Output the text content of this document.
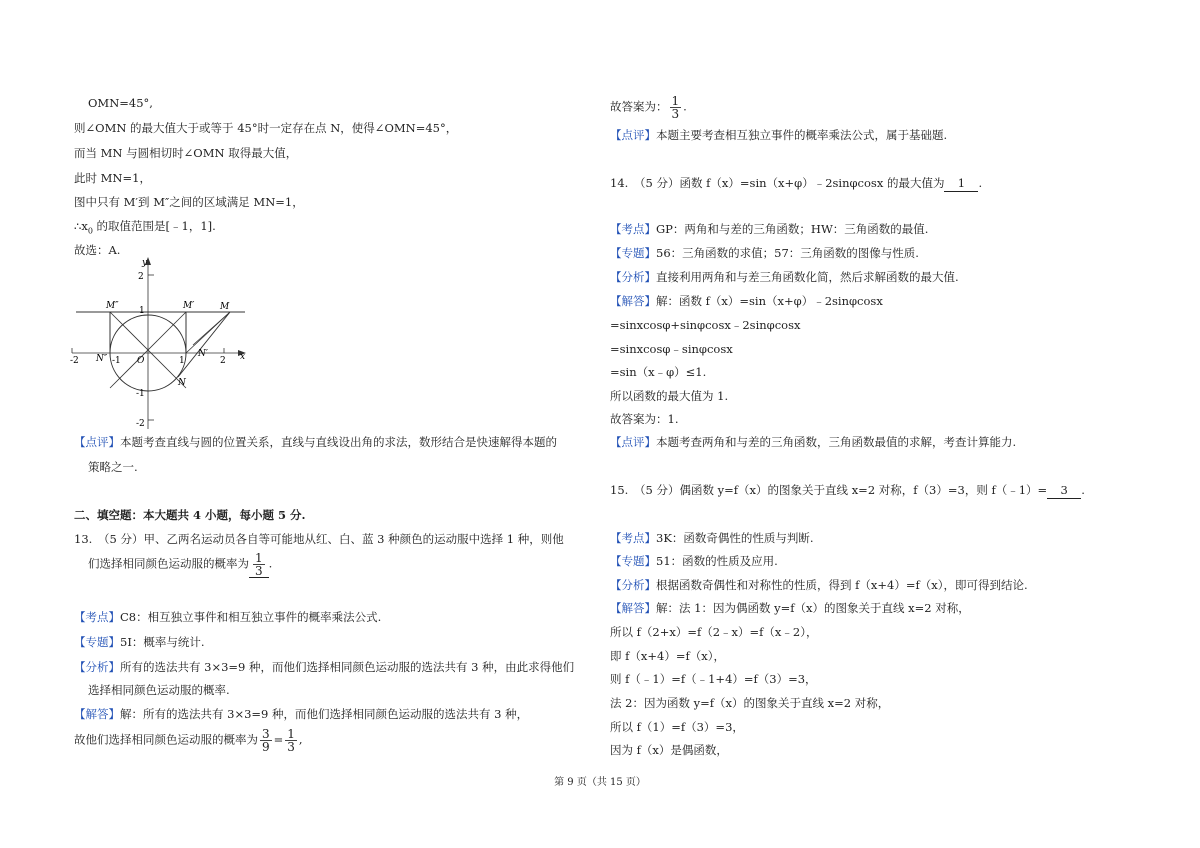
OMN=45°,
则∠OMN 的最大值大于或等于 45°时一定存在点 N，使得∠OMN=45°，
而当 MN 与圆相切时∠OMN 取得最大值，
此时 MN=1，
图中只有 M′到 M″之间的区域满足 MN=1，
$\therefore x_0$ 的取值范围是[﹣1，1].
故选：A.
y
x
2
1
-1
-2
-2	-1 O	1	2
M″	M′	M
N″	N′
N
【点评】本题考查直线与圆的位置关系，直线与直线设出角的求法，数形结合是快速解得本题的
策略之一.
二、填空题：本大题共 4 小题，每小题 5 分.
13.　（5 分）甲、乙两名运动员各自等可能地从红、白、蓝 3 种颜色的运动服中选择 1 种，则他
们选择相同颜色运动服的概率为 $\frac{1}{3}$ .
【考点】C8：相互独立事件和相互独立事件的概率乘法公式.
【专题】5I：概率与统计.
【分析】所有的选法共有 3×3=9 种，而他们选择相同颜色运动服的选法共有 3 种，由此求得他们
选择相同颜色运动服的概率.
【解答】解：所有的选法共有 3×3=9 种，而他们选择相同颜色运动服的选法共有 3 种，
故他们选择相同颜色运动服的概率为 $\frac{3}{9} = \frac{1}{3}$ ,
故答案为： $\frac{1}{3}$ .
【点评】本题主要考查相互独立事件的概率乘法公式，属于基础题.
14.　（5 分）函数 f（x）=sin（x+φ）﹣2sinφcosx 的最大值为 1 .
【考点】GP：两角和与差的三角函数；HW：三角函数的最值.
【专题】56：三角函数的求值；57：三角函数的图像与性质.
【分析】直接利用两角和与差三角函数化简，然后求解函数的最大值.
【解答】解：函数 f（x）=sin（x+φ）﹣2sinφcosx
=sinxcosφ+sinφcosx﹣2sinφcosx
=sinxcosφ﹣sinφcosx
=sin（x﹣φ）≤1.
所以函数的最大值为 1.
故答案为：1.
【点评】本题考查两角和与差的三角函数，三角函数最值的求解，考查计算能力.
15.　（5 分）偶函数 y=f（x）的图象关于直线 x=2 对称，f（3）=3，则 f（﹣1）= 3 .
【考点】3K：函数奇偶性的性质与判断.
【专题】51：函数的性质及应用.
【分析】根据函数奇偶性和对称性的性质，得到 f（x+4）=f（x），即可得到结论.
【解答】解：法 1：因为偶函数 y=f（x）的图象关于直线 x=2 对称，
所以 f（2+x）=f（2﹣x）=f（x﹣2），
即 f（x+4）=f（x），
则 f（﹣1）=f（﹣1+4）=f（3）=3，
法 2：因为函数 y=f（x）的图象关于直线 x=2 对称，
所以 f（1）=f（3）=3，
因为 f（x）是偶函数，
第 9 页（共 15 页）
